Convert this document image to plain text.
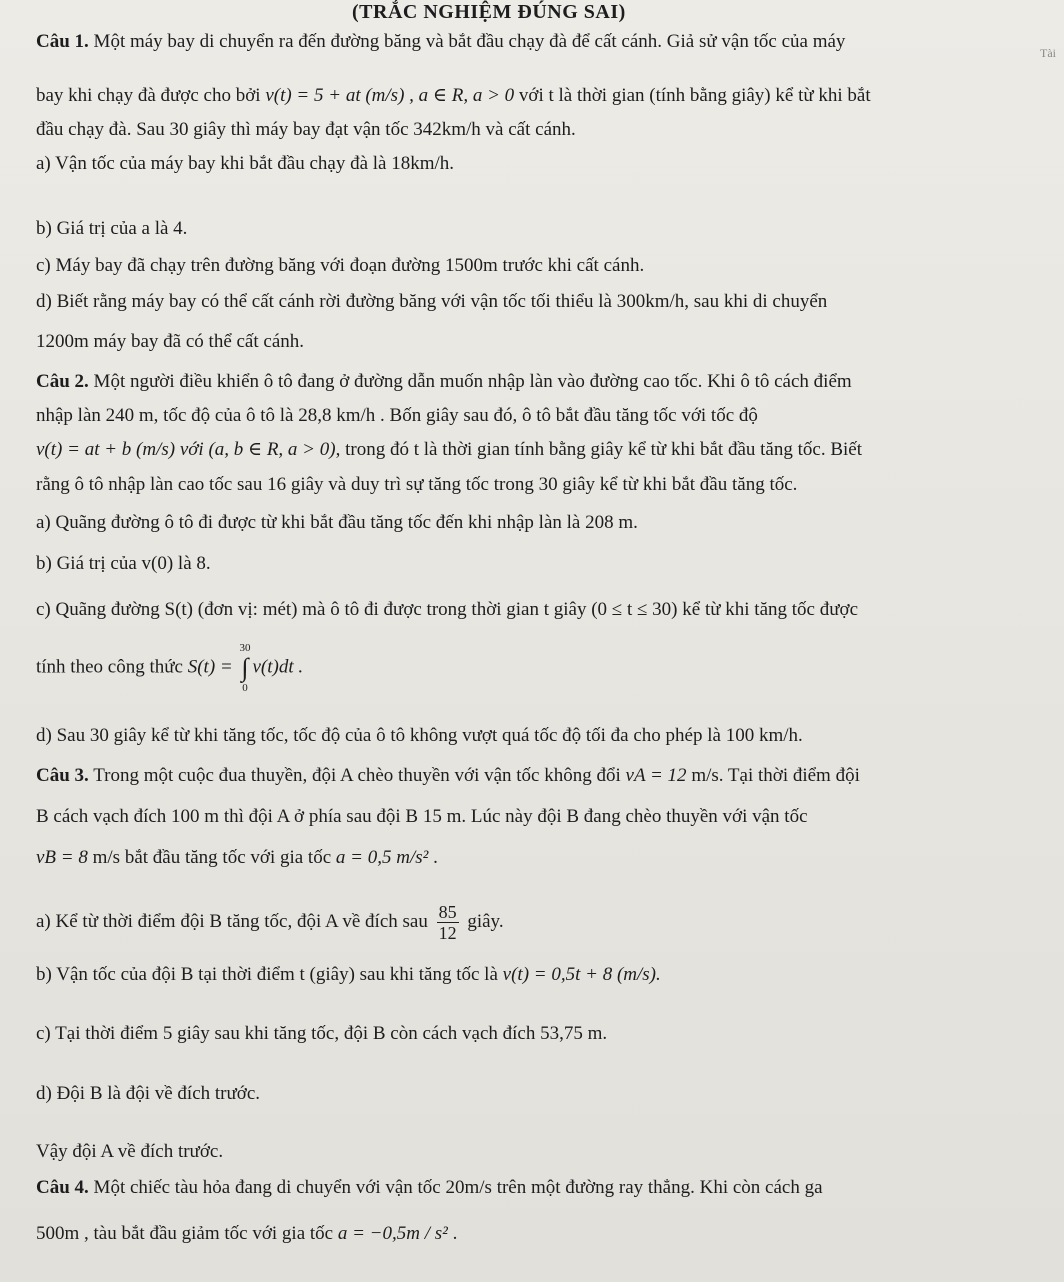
(TRẮC NGHIỆM ĐÚNG SAI)
Tài
Câu 1. Một máy bay di chuyển ra đến đường băng và bắt đầu chạy đà để cất cánh. Giả sử vận tốc của máy
bay khi chạy đà được cho bởi v(t) = 5 + at (m/s) , a ∈ R, a > 0 với t là thời gian (tính bằng giây) kể từ khi bắt
đầu chạy đà. Sau 30 giây thì máy bay đạt vận tốc 342km/h và cất cánh.
a) Vận tốc của máy bay khi bắt đầu chạy đà là 18km/h.
b) Giá trị của a là 4.
c) Máy bay đã chạy trên đường băng với đoạn đường 1500m trước khi cất cánh.
d) Biết rằng máy bay có thể cất cánh rời đường băng với vận tốc tối thiểu là 300km/h, sau khi di chuyển
1200m máy bay đã có thể cất cánh.
Câu 2. Một người điều khiển ô tô đang ở đường dẫn muốn nhập làn vào đường cao tốc. Khi ô tô cách điểm
nhập làn 240 m, tốc độ của ô tô là 28,8 km/h . Bốn giây sau đó, ô tô bắt đầu tăng tốc với tốc độ
v(t) = at + b (m/s) với (a, b ∈ R, a > 0), trong đó t là thời gian tính bằng giây kể từ khi bắt đầu tăng tốc. Biết
rằng ô tô nhập làn cao tốc sau 16 giây và duy trì sự tăng tốc trong 30 giây kể từ khi bắt đầu tăng tốc.
a) Quãng đường ô tô đi được từ khi bắt đầu tăng tốc đến khi nhập làn là 208 m.
b) Giá trị của v(0) là 8.
c) Quãng đường S(t) (đơn vị: mét) mà ô tô đi được trong thời gian t giây (0 ≤ t ≤ 30) kể từ khi tăng tốc được
tính theo công thức S(t) =
30
∫
0
v(t)dt .
d) Sau 30 giây kể từ khi tăng tốc, tốc độ của ô tô không vượt quá tốc độ tối đa cho phép là 100 km/h.
Câu 3. Trong một cuộc đua thuyền, đội A chèo thuyền với vận tốc không đổi vA = 12 m/s. Tại thời điểm đội
B cách vạch đích 100 m thì đội A ở phía sau đội B 15 m. Lúc này đội B đang chèo thuyền với vận tốc
vB = 8 m/s bắt đầu tăng tốc với gia tốc a = 0,5 m/s² .
a) Kể từ thời điểm đội B tăng tốc, đội A về đích sau $\frac{85}{12}$ giây.
b) Vận tốc của đội B tại thời điểm t (giây) sau khi tăng tốc là v(t) = 0,5t + 8 (m/s).
c) Tại thời điểm 5 giây sau khi tăng tốc, đội B còn cách vạch đích 53,75 m.
d) Đội B là đội về đích trước.
Vậy đội A về đích trước.
Câu 4. Một chiếc tàu hỏa đang di chuyển với vận tốc 20m/s trên một đường ray thẳng. Khi còn cách ga
500m , tàu bắt đầu giảm tốc với gia tốc a = −0,5m / s² .
